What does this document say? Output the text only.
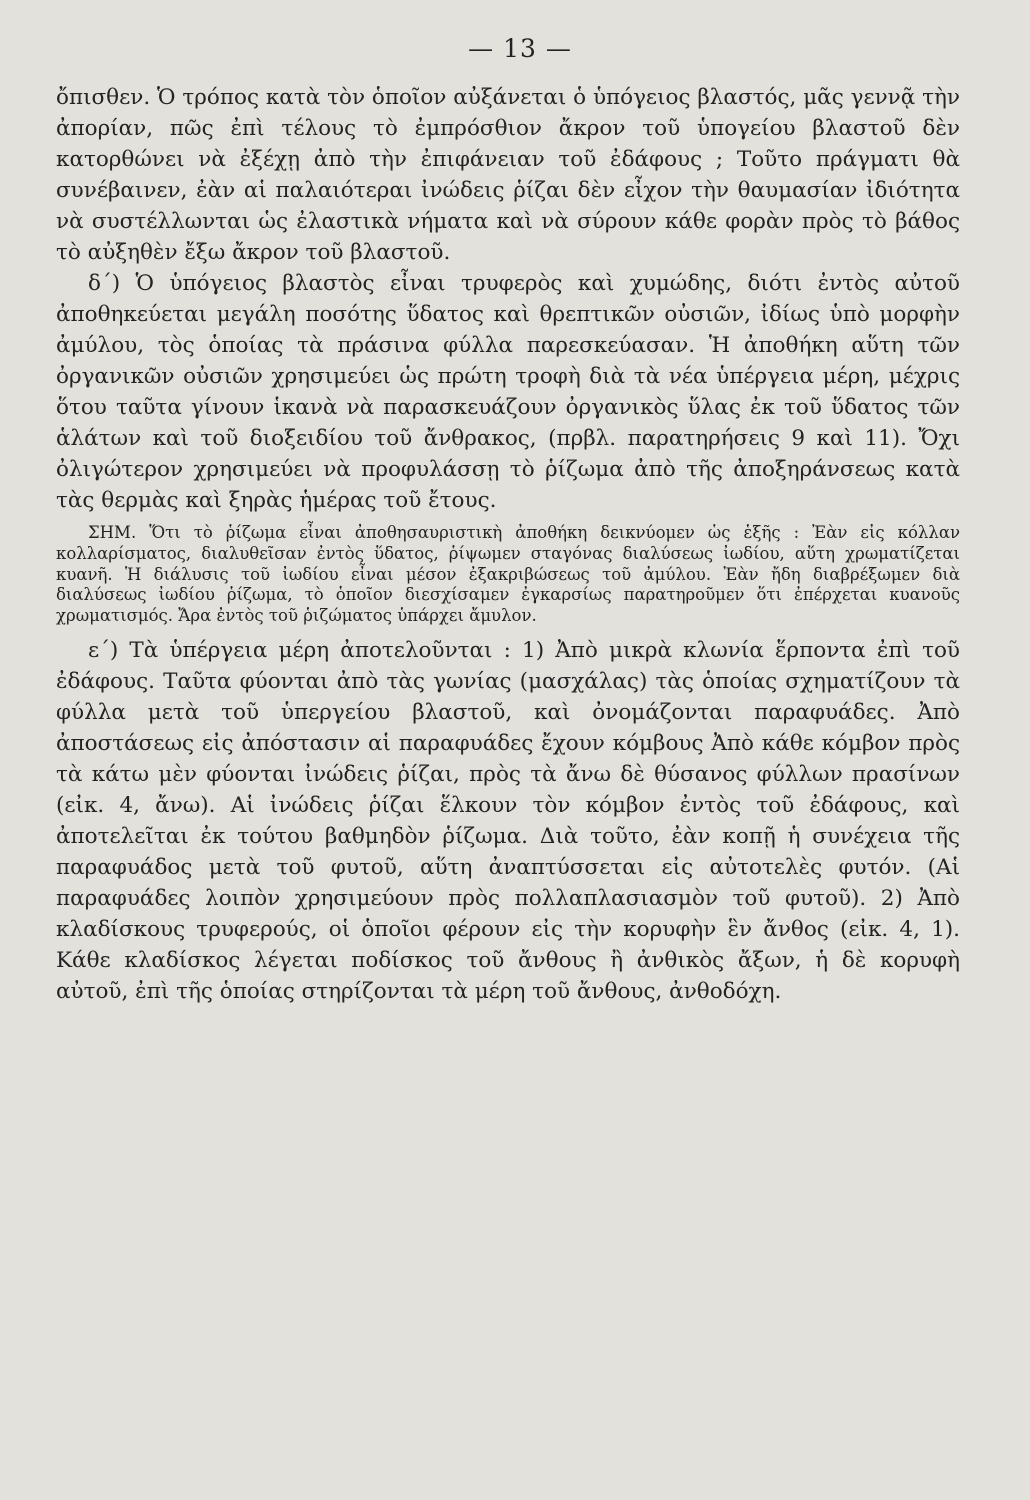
— 13 —

ὄπισθεν. Ὁ τρόπος κατὰ τὸν ὁποῖον αὐξάνεται ὁ ὑπόγειος βλαστός, μᾶς γεννᾷ τὴν ἀπορίαν, πῶς ἐπὶ τέλους τὸ ἐμπρόσθιον ἄκρον τοῦ ὑπογείου βλαστοῦ δὲν κατορθώνει νὰ ἐξέχῃ ἀπὸ τὴν ἐπιφάνειαν τοῦ ἐδάφους ; Τοῦτο πράγματι θὰ συνέβαινεν, ἐὰν αἱ παλαιότεραι ἰνώδεις ῥίζαι δὲν εἶχον τὴν θαυμασίαν ἰδιότητα νὰ συστέλλωνται ὡς ἐλαστικὰ νήματα καὶ νὰ σύρουν κάθε φορὰν πρὸς τὸ βάθος τὸ αὐξηθὲν ἔξω ἄκρον τοῦ βλαστοῦ.

δ΄) Ὁ ὑπόγειος βλαστὸς εἶναι τρυφερὸς καὶ χυμώδης, διότι ἐντὸς αὐτοῦ ἀποθηκεύεται μεγάλη ποσότης ὕδατος καὶ θρεπτικῶν οὐσιῶν, ἰδίως ὑπὸ μορφὴν ἀμύλου, τὸς ὁποίας τὰ πράσινα φύλλα παρεσκεύασαν. Ἡ ἀποθήκη αὕτη τῶν ὀργανικῶν οὐσιῶν χρησιμεύει ὡς πρώτη τροφὴ διὰ τὰ νέα ὑπέργεια μέρη, μέχρις ὅτου ταῦτα γίνουν ἱκανὰ νὰ παρασκευάζουν ὀργανικὸς ὕλας ἐκ τοῦ ὕδατος τῶν ἁλάτων καὶ τοῦ διοξειδίου τοῦ ἄνθρακος, (πρβλ. παρατηρήσεις 9 καὶ 11). Ὄχι ὀλιγώτερον χρησιμεύει νὰ προφυλάσσῃ τὸ ῥίζωμα ἀπὸ τῆς ἀποξηράνσεως κατὰ τὰς θερμὰς καὶ ξηρὰς ἡμέρας τοῦ ἔτους.

ΣΗΜ. Ὅτι τὸ ῥίζωμα εἶναι ἀποθησαυριστικὴ ἀποθήκη δεικνύομεν ὡς ἑξῆς : Ἐὰν εἰς κόλλαν κολλαρίσματος, διαλυθεῖσαν ἐντὸς ὕδατος, ῥίψωμεν σταγόνας διαλύσεως ἰωδίου, αὕτη χρωματίζεται κυανῆ. Ἡ διάλυσις τοῦ ἰωδίου εἶναι μέσον ἐξακριβώσεως τοῦ ἀμύλου. Ἐὰν ἤδη διαβρέξωμεν διὰ διαλύσεως ἰωδίου ῥίζωμα, τὸ ὁποῖον διεσχίσαμεν ἐγκαρσίως παρατηροῦμεν ὅτι ἐπέρχεται κυανοῦς χρωματισμός. Ἄρα ἐντὸς τοῦ ῥιζώματος ὑπάρχει ἄμυλον.

ε΄) Τὰ ὑπέργεια μέρη ἀποτελοῦνται : 1) Ἀπὸ μικρὰ κλωνία ἕρποντα ἐπὶ τοῦ ἐδάφους. Ταῦτα φύονται ἀπὸ τὰς γωνίας (μασχάλας) τὰς ὁποίας σχηματίζουν τὰ φύλλα μετὰ τοῦ ὑπεργείου βλαστοῦ, καὶ ὀνομάζονται παραφυάδες. Ἀπὸ ἀποστάσεως εἰς ἀπόστασιν αἱ παραφυάδες ἔχουν κόμβους Ἀπὸ κάθε κόμβον πρὸς τὰ κάτω μὲν φύονται ἰνώδεις ῥίζαι, πρὸς τὰ ἄνω δὲ θύσανος φύλλων πρασίνων (εἰκ. 4, ἄνω). Αἱ ἰνώδεις ῥίζαι ἕλκουν τὸν κόμβον ἐντὸς τοῦ ἐδάφους, καὶ ἀποτελεῖται ἐκ τούτου βαθμηδὸν ῥίζωμα. Διὰ τοῦτο, ἐὰν κοπῇ ἡ συνέχεια τῆς παραφυάδος μετὰ τοῦ φυτοῦ, αὕτη ἀναπτύσσεται εἰς αὐτοτελὲς φυτόν. (Αἱ παραφυάδες λοιπὸν χρησιμεύουν πρὸς πολλαπλασιασμὸν τοῦ φυτοῦ). 2) Ἀπὸ κλαδίσκους τρυφερούς, οἱ ὁποῖοι φέρουν εἰς τὴν κορυφὴν ἓν ἄνθος (εἰκ. 4, 1). Κάθε κλαδίσκος λέγεται ποδίσκος τοῦ ἄνθους ἢ ἀνθικὸς ἄξων, ἡ δὲ κορυφὴ αὐτοῦ, ἐπὶ τῆς ὁποίας στηρίζονται τὰ μέρη τοῦ ἄνθους, ἀνθοδόχη.
